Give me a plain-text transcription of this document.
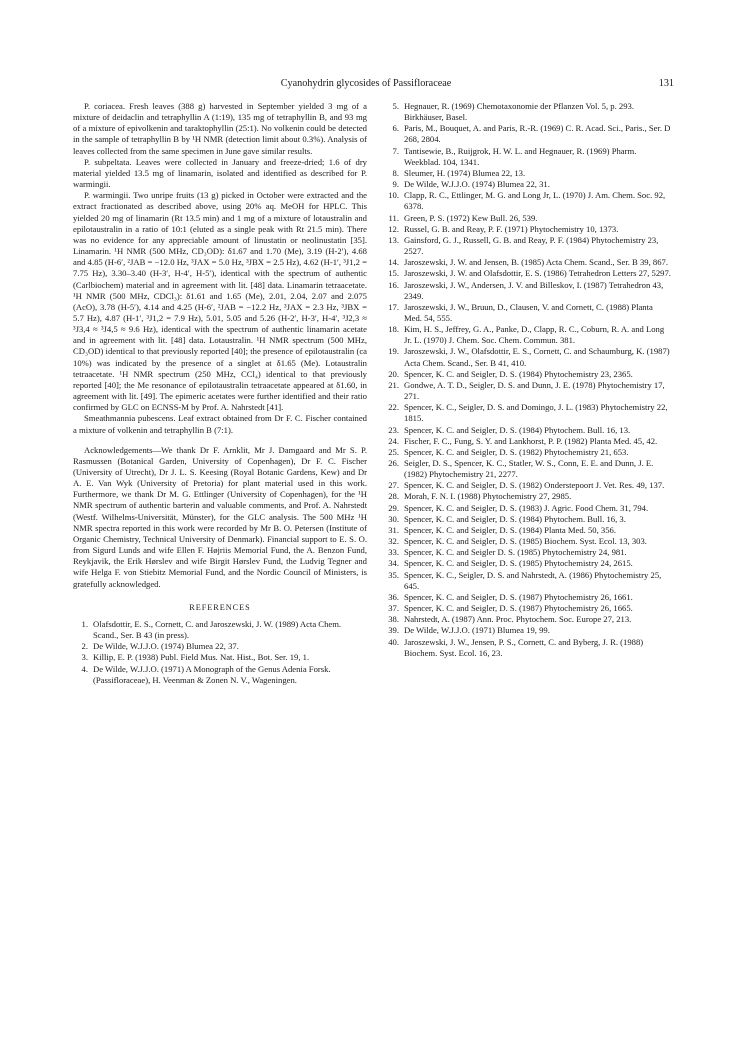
Cyanohydrin glycosides of Passifloraceae	131

P. coriacea. Fresh leaves (388 g) harvested in September yielded 3 mg of a mixture of deidaclin and tetraphyllin A (1:19), 135 mg of tetraphyllin B, and 93 mg of a mixture of epivolkenin and taraktophyllin (25:1). No volkenin could be detected in the sample of tetraphyllin B by ¹H NMR (detection limit about 0.3%). Analysis of leaves collected from the same specimen in June gave similar results.

P. subpeltata. Leaves were collected in January and freeze-dried; 1.6 of dry material yielded 13.5 mg of linamarin, isolated and identified as described for P. warmingii.

P. warmingii. Two unripe fruits (13 g) picked in October were extracted and the extract fractionated as described above, using 20% aq. MeOH for HPLC. This yielded 20 mg of linamarin (Rt 13.5 min) and 1 mg of a mixture of lotaustralin and epilotaustralin in a ratio of 10:1 (eluted as a single peak with Rt 21.5 min). There was no evidence for any appreciable amount of linustatin or neolinustatin [35]. Linamarin. ¹H NMR (500 MHz, CD₃OD): δ1.67 and 1.70 (Me), 3.19 (H-2′), 4.68 and 4.85 (H-6′, ²JAB = −12.0 Hz, ³JAX = 5.0 Hz, ³JBX = 2.5 Hz), 4.62 (H-1′, ³J1,2 = 7.75 Hz), 3.30–3.40 (H-3′, H-4′, H-5′), identical with the spectrum of authentic (Carlbiochem) material and in agreement with lit. [48] data. Linamarin tetraacetate. ¹H NMR (500 MHz, CDCl₃): δ1.61 and 1.65 (Me), 2.01, 2.04, 2.07 and 2.075 (AcO), 3.78 (H-5′), 4.14 and 4.25 (H-6′, ²JAB = −12.2 Hz, ³JAX = 2.3 Hz, ³JBX = 5.7 Hz), 4.87 (H-1′, ³J1,2 = 7.9 Hz), 5.01, 5.05 and 5.26 (H-2′, H-3′, H-4′, ³J2,3 ≈ ³J3,4 ≈ ³J4,5 ≈ 9.6 Hz), identical with the spectrum of authentic linamarin acetate and in agreement with lit. [48] data. Lotaustralin. ¹H NMR spectrum (500 MHz, CD₃OD) identical to that previously reported [40]; the presence of epilotaustralin (ca 10%) was indicated by the presence of a singlet at δ1.65 (Me). Lotaustralin tetraacetate. ¹H NMR spectrum (250 MHz, CCl₄) identical to that previously reported [40]; the Me resonance of epilotaustralin tetraacetate appeared at δ1.60, in agreement with lit. [49]. The epimeric acetates were further identified and their ratio confirmed by GLC on ECNSS-M by Prof. A. Nahrstedt [41].

Smeathmannia pubescens. Leaf extract obtained from Dr F. C. Fischer contained a mixture of volkenin and tetraphyllin B (7:1).

Acknowledgements—We thank Dr F. Arnklit, Mr J. Damgaard and Mr S. P. Rasmussen (Botanical Garden, University of Copenhagen), Dr F. C. Fischer (University of Utrecht), Dr J. L. S. Keesing (Royal Botanic Gardens, Kew) and Dr A. E. Van Wyk (University of Pretoria) for plant material used in this work. Furthermore, we thank Dr M. G. Ettlinger (University of Copenhagen), for the ¹H NMR spectrum of authentic barterin and valuable comments, and Prof. A. Nahrstedt (Westf. Wilhelms-Universität, Münster), for the GLC analysis. The 500 MHz ¹H NMR spectra reported in this work were recorded by Mr B. O. Petersen (Institute of Organic Chemistry, Technical University of Denmark). Financial support to E. S. O. from Sigurd Lunds and wife Ellen F. Højriis Memorial Fund, the A. Benzon Fund, Reykjavik, the Erik Hørslev and wife Birgit Hørslev Fund, the Ludvig Tegner and wife Helga F. von Stiebitz Memorial Fund, and the Nordic Council of Ministers, is gratefully acknowledged.

REFERENCES
1. Olafsdottir, E. S., Cornett, C. and Jaroszewski, J. W. (1989) Acta Chem. Scand., Ser. B 43 (in press).
2. De Wilde, W.J.J.O. (1974) Blumea 22, 37.
3. Killip, E. P. (1938) Publ. Field Mus. Nat. Hist., Bot. Ser. 19, 1.
4. De Wilde, W.J.J.O. (1971) A Monograph of the Genus Adenia Forsk. (Passifloraceae), H. Veenman & Zonen N. V., Wageningen.
5. Hegnauer, R. (1969) Chemotaxonomie der Pflanzen Vol. 5, p. 293. Birkhäuser, Basel.
6. Paris, M., Bouquet, A. and Paris, R.-R. (1969) C. R. Acad. Sci., Paris., Ser. D 268, 2804.
7. Tantisewie, B., Ruijgrok, H. W. L. and Hegnauer, R. (1969) Pharm. Weekblad. 104, 1341.
8. Sleumer, H. (1974) Blumea 22, 13.
9. De Wilde, W.J.J.O. (1974) Blumea 22, 31.
10. Clapp, R. C., Ettlinger, M. G. and Long Jr, L. (1970) J. Am. Chem. Soc. 92, 6378.
11. Green, P. S. (1972) Kew Bull. 26, 539.
12. Russel, G. B. and Reay, P. F. (1971) Phytochemistry 10, 1373.
13. Gainsford, G. J., Russell, G. B. and Reay, P. F. (1984) Phytochemistry 23, 2527.
14. Jaroszewski, J. W. and Jensen, B. (1985) Acta Chem. Scand., Ser. B 39, 867.
15. Jaroszewski, J. W. and Olafsdottir, E. S. (1986) Tetrahedron Letters 27, 5297.
16. Jaroszewski, J. W., Andersen, J. V. and Billeskov, I. (1987) Tetrahedron 43, 2349.
17. Jaroszewski, J. W., Bruun, D., Clausen, V. and Cornett, C. (1988) Planta Med. 54, 555.
18. Kim, H. S., Jeffrey, G. A., Panke, D., Clapp, R. C., Coburn, R. A. and Long Jr. L. (1970) J. Chem. Soc. Chem. Commun. 381.
19. Jaroszewski, J. W., Olafsdottir, E. S., Cornett, C. and Schaumburg, K. (1987) Acta Chem. Scand., Ser. B 41, 410.
20. Spencer, K. C. and Seigler, D. S. (1984) Phytochemistry 23, 2365.
21. Gondwe, A. T. D., Seigler, D. S. and Dunn, J. E. (1978) Phytochemistry 17, 271.
22. Spencer, K. C., Seigler, D. S. and Domingo, J. L. (1983) Phytochemistry 22, 1815.
23. Spencer, K. C. and Seigler, D. S. (1984) Phytochem. Bull. 16, 13.
24. Fischer, F. C., Fung, S. Y. and Lankhorst, P. P. (1982) Planta Med. 45, 42.
25. Spencer, K. C. and Seigler, D. S. (1982) Phytochemistry 21, 653.
26. Seigler, D. S., Spencer, K. C., Statler, W. S., Conn, E. E. and Dunn, J. E. (1982) Phytochemistry 21, 2277.
27. Spencer, K. C. and Seigler, D. S. (1982) Onderstepoort J. Vet. Res. 49, 137.
28. Morah, F. N. I. (1988) Phytochemistry 27, 2985.
29. Spencer, K. C. and Seigler, D. S. (1983) J. Agric. Food Chem. 31, 794.
30. Spencer, K. C. and Seigler, D. S. (1984) Phytochem. Bull. 16, 3.
31. Spencer, K. C. and Seigler, D. S. (1984) Planta Med. 50, 356.
32. Spencer, K. C. and Seigler, D. S. (1985) Biochem. Syst. Ecol. 13, 303.
33. Spencer, K. C. and Seigler D. S. (1985) Phytochemistry 24, 981.
34. Spencer, K. C. and Seigler, D. S. (1985) Phytochemistry 24, 2615.
35. Spencer, K. C., Seigler, D. S. and Nahrstedt, A. (1986) Phytochemistry 25, 645.
36. Spencer, K. C. and Seigler, D. S. (1987) Phytochemistry 26, 1661.
37. Spencer, K. C. and Seigler, D. S. (1987) Phytochemistry 26, 1665.
38. Nahrstedt, A. (1987) Ann. Proc. Phytochem. Soc. Europe 27, 213.
39. De Wilde, W.J.J.O. (1971) Blumea 19, 99.
40. Jaroszewski, J. W., Jensen, P. S., Cornett, C. and Byberg, J. R. (1988) Biochem. Syst. Ecol. 16, 23.
